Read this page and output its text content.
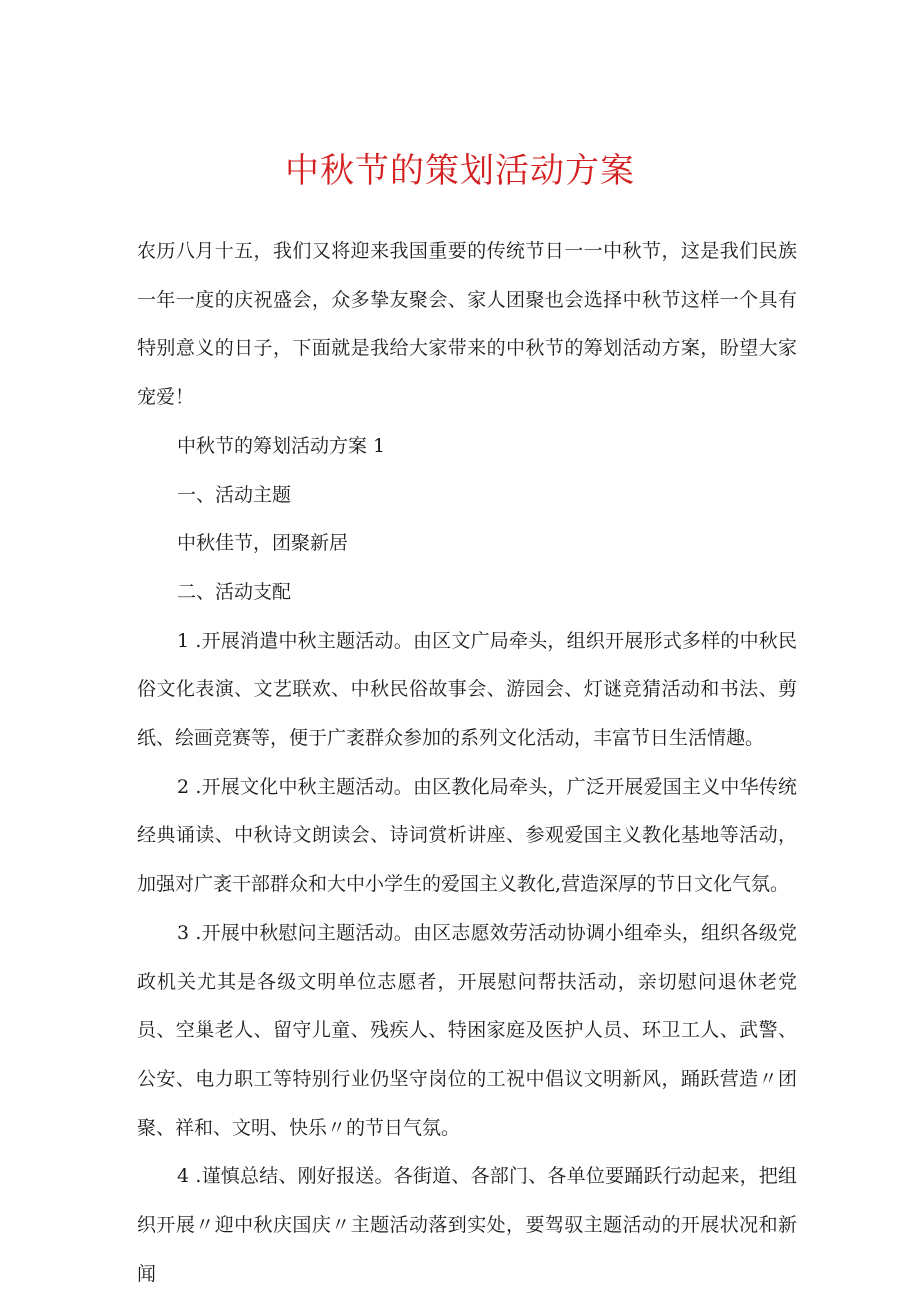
中秋节的策划活动方案

农历八月十五，我们又将迎来我国重要的传统节日一一中秋节，这是我们民族一年一度的庆祝盛会，众多挚友聚会、家人团聚也会选择中秋节这样一个具有特别意义的日子，下面就是我给大家带来的中秋节的筹划活动方案，盼望大家宠爱！

中秋节的筹划活动方案 1

一、活动主题

中秋佳节，团聚新居

二、活动支配

1 .开展消遣中秋主题活动。由区文广局牵头，组织开展形式多样的中秋民俗文化表演、文艺联欢、中秋民俗故事会、游园会、灯谜竞猜活动和书法、剪纸、绘画竞赛等，便于广袤群众参加的系列文化活动，丰富节日生活情趣。

2 .开展文化中秋主题活动。由区教化局牵头，广泛开展爱国主义中华传统经典诵读、中秋诗文朗读会、诗词赏析讲座、参观爱国主义教化基地等活动，加强对广袤干部群众和大中小学生的爱国主义教化,营造深厚的节日文化气氛。

3 .开展中秋慰问主题活动。由区志愿效劳活动协调小组牵头，组织各级党政机关尤其是各级文明单位志愿者，开展慰问帮扶活动，亲切慰问退休老党员、空巢老人、留守儿童、残疾人、特困家庭及医护人员、环卫工人、武警、公安、电力职工等特别行业仍坚守岗位的工祝中倡议文明新风，踊跃营造〃团聚、祥和、文明、快乐〃的节日气氛。

4 .谨慎总结、刚好报送。各街道、各部门、各单位要踊跃行动起来，把组织开展〃迎中秋庆国庆〃主题活动落到实处，要驾驭主题活动的开展状况和新闻
